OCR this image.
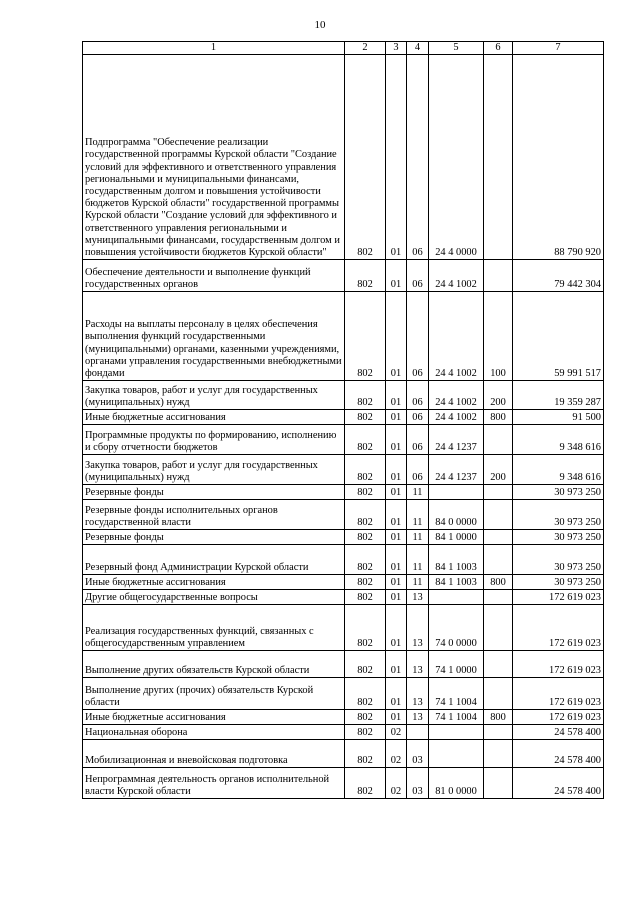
10
1	2	3	4	5	6	7
Подпрограмма "Обеспечение реализации государственной программы Курской области "Создание условий для эффективного и ответственного управления региональными и муниципальными финансами, государственным долгом и повышения устойчивости бюджетов Курской области" государственной программы Курской области "Создание условий для эффективного и ответственного управления региональными и муниципальными финансами, государственным долгом и повышения устойчивости бюджетов Курской области"	802	01	06	24 4 0000		88 790 920
Обеспечение деятельности и выполнение функций государственных органов	802	01	06	24 4 1002		79 442 304
Расходы на выплаты персоналу в целях обеспечения выполнения функций государственными (муниципальными) органами, казенными учреждениями, органами управления государственными внебюджетными фондами	802	01	06	24 4 1002	100	59 991 517
Закупка товаров, работ и услуг для государственных (муниципальных) нужд	802	01	06	24 4 1002	200	19 359 287
Иные бюджетные ассигнования	802	01	06	24 4 1002	800	91 500
Программные продукты по формированию, исполнению и сбору отчетности бюджетов	802	01	06	24 4 1237		9 348 616
Закупка товаров, работ и услуг для государственных (муниципальных) нужд	802	01	06	24 4 1237	200	9 348 616
Резервные фонды	802	01	11			30 973 250
Резервные фонды исполнительных органов государственной власти	802	01	11	84 0 0000		30 973 250
Резервные фонды	802	01	11	84 1 0000		30 973 250
Резервный фонд Администрации Курской области	802	01	11	84 1 1003		30 973 250
Иные бюджетные ассигнования	802	01	11	84 1 1003	800	30 973 250
Другие общегосударственные вопросы	802	01	13			172 619 023
Реализация государственных функций, связанных с общегосударственным управлением	802	01	13	74 0 0000		172 619 023
Выполнение других обязательств Курской области	802	01	13	74 1 0000		172 619 023
Выполнение других (прочих) обязательств Курской области	802	01	13	74 1 1004		172 619 023
Иные бюджетные ассигнования	802	01	13	74 1 1004	800	172 619 023
Национальная оборона	802	02				24 578 400
Мобилизационная и вневойсковая подготовка	802	02	03			24 578 400
Непрограммная деятельность органов исполнительной власти Курской области	802	02	03	81 0 0000		24 578 400
